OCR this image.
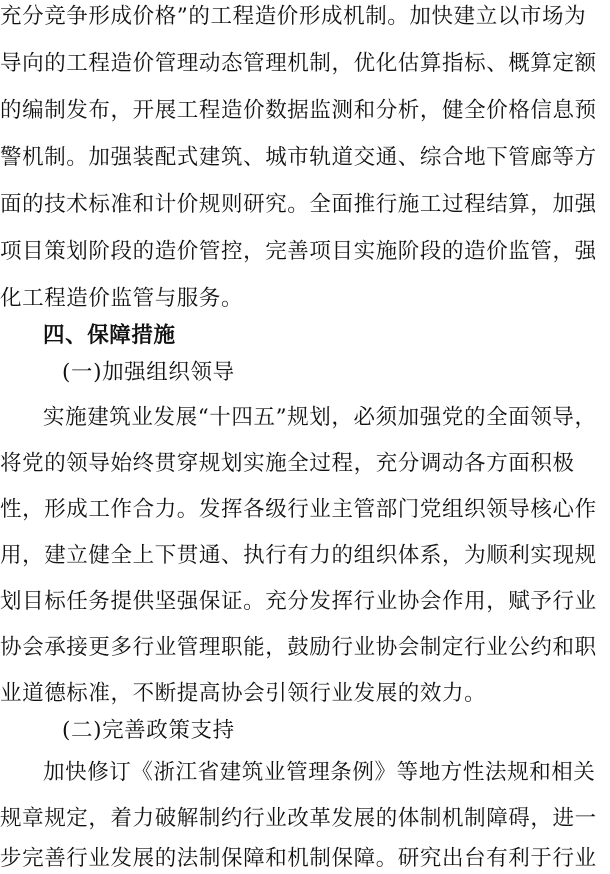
充分竞争形成价格”的工程造价形成机制。加快建立以市场为
导向的工程造价管理动态管理机制，优化估算指标、概算定额
的编制发布，开展工程造价数据监测和分析，健全价格信息预
警机制。加强装配式建筑、城市轨道交通、综合地下管廊等方
面的技术标准和计价规则研究。全面推行施工过程结算，加强
项目策划阶段的造价管控，完善项目实施阶段的造价监管，强
化工程造价监管与服务。
四、保障措施
(一)加强组织领导
实施建筑业发展“十四五”规划，必须加强党的全面领导，
将党的领导始终贯穿规划实施全过程，充分调动各方面积极
性，形成工作合力。发挥各级行业主管部门党组织领导核心作
用，建立健全上下贯通、执行有力的组织体系，为顺利实现规
划目标任务提供坚强保证。充分发挥行业协会作用，赋予行业
协会承接更多行业管理职能，鼓励行业协会制定行业公约和职
业道德标准，不断提高协会引领行业发展的效力。
(二)完善政策支持
加快修订《浙江省建筑业管理条例》等地方性法规和相关
规章规定，着力破解制约行业改革发展的体制机制障碍，进一
步完善行业发展的法制保障和机制保障。研究出台有利于行业
